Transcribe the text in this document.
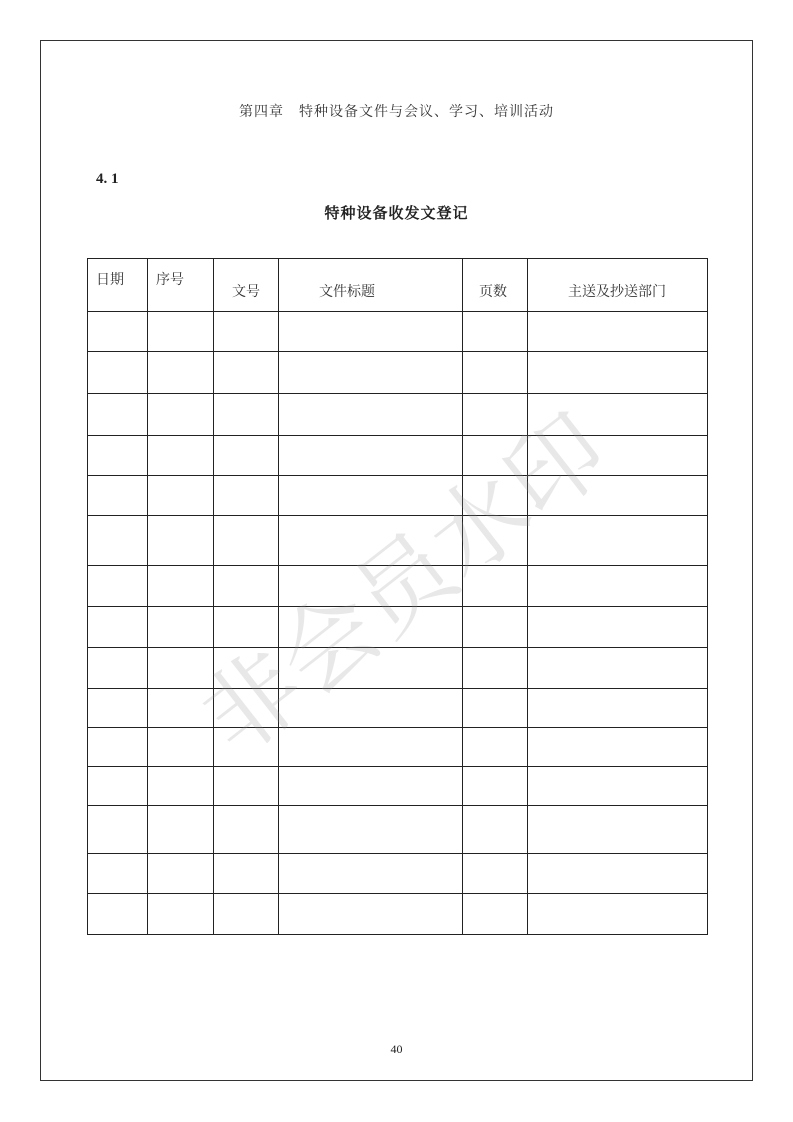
第四章　特种设备文件与会议、学习、培训活动
4. 1
特种设备收发文登记
日期	序号	文号	文件标题	页数	主送及抄送部门

非会员水印
40
